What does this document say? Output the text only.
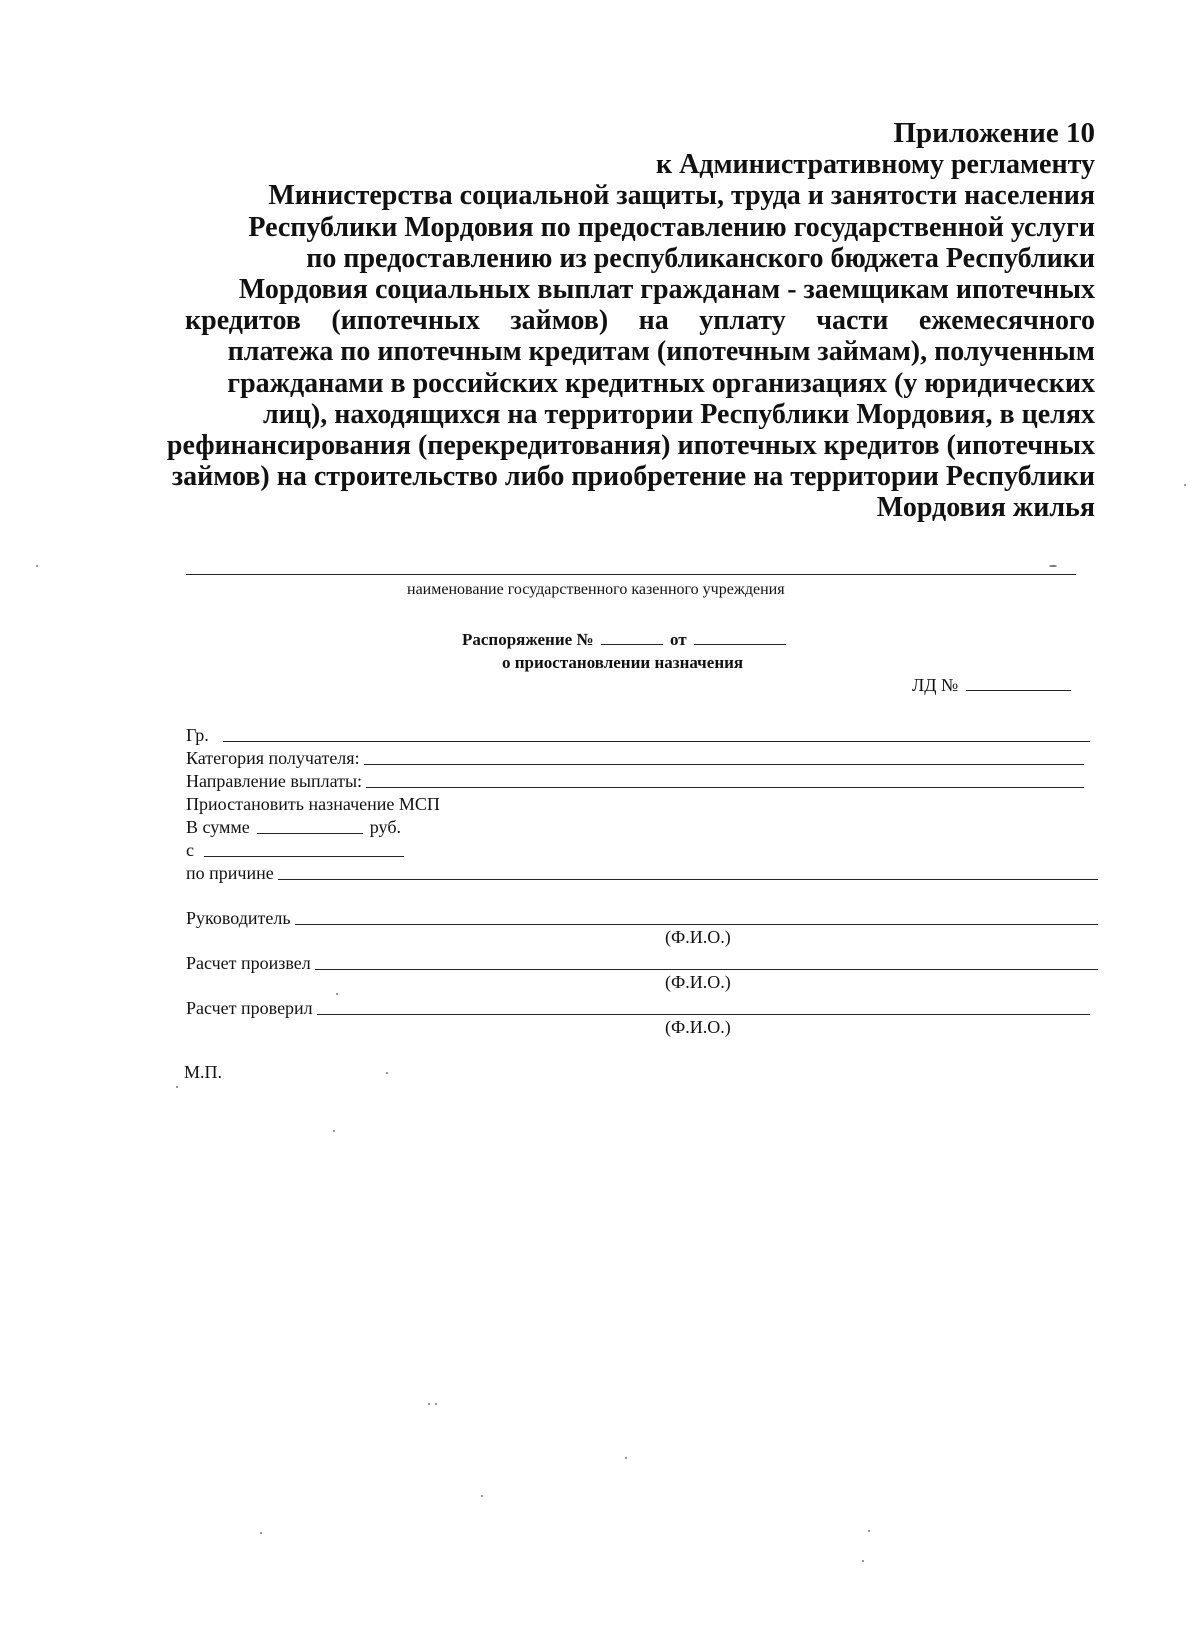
Приложение 10
к Административному регламенту
Министерства социальной защиты, труда и занятости населения
Республики Мордовия по предоставлению государственной услуги
по предоставлению из республиканского бюджета Республики
Мордовия социальных выплат гражданам - заемщикам ипотечных
кредитов (ипотечных займов) на уплату части ежемесячного
платежа по ипотечным кредитам (ипотечным займам), полученным
гражданами в российских кредитных организациях (у юридических
лиц), находящихся на территории Республики Мордовия, в целях
рефинансирования (перекредитования) ипотечных кредитов (ипотечных
займов) на строительство либо приобретение на территории Республики
Мордовия жилья
наименование государственного казенного учреждения
Распоряжение №	от
о приостановлении назначения
ЛД №
Гр.
Категория получателя:
Направление выплаты:
Приостановить назначение МСП
В сумме	руб.
с
по причине
Руководитель
(Ф.И.О.)
Расчет произвел
(Ф.И.О.)
Расчет проверил
(Ф.И.О.)
М.П.
